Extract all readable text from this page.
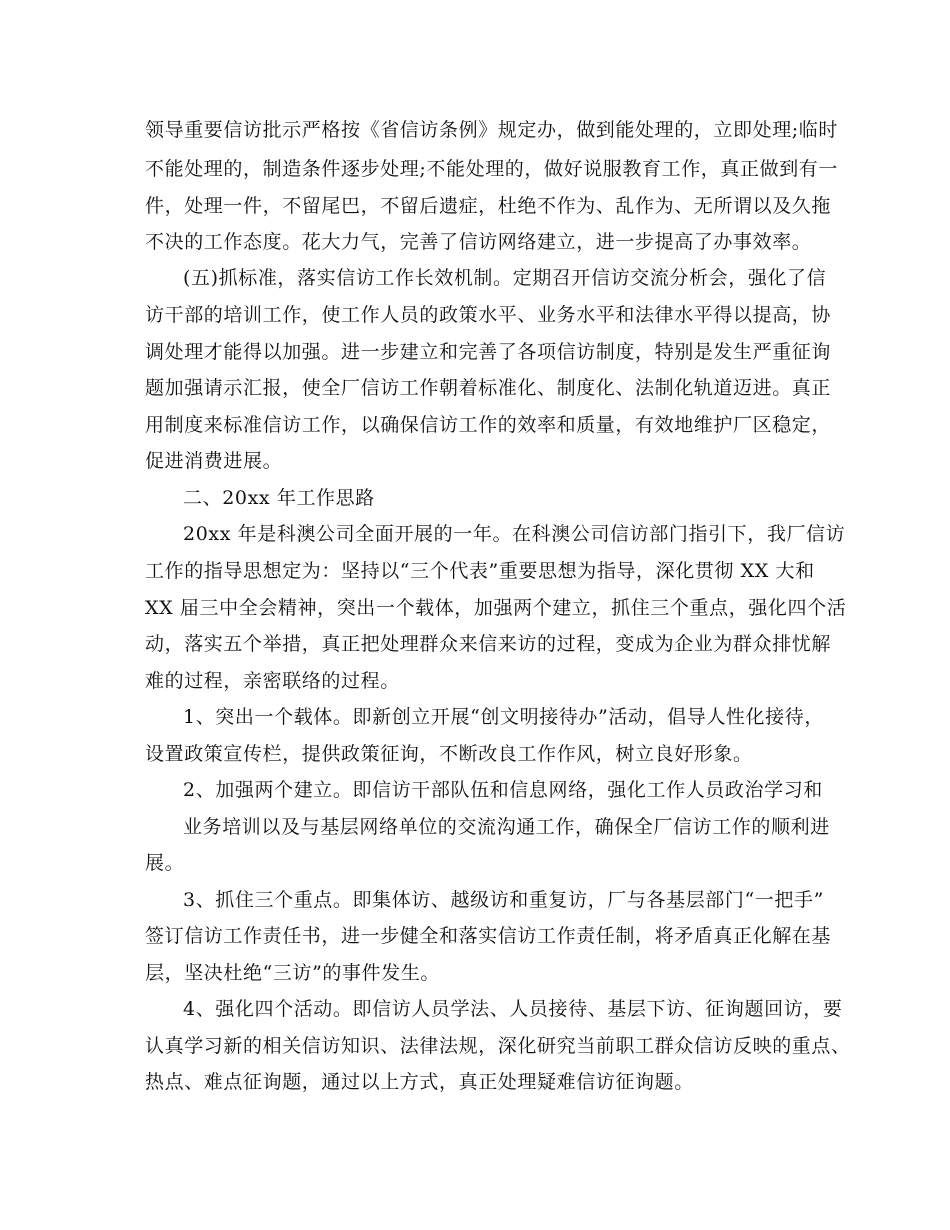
领导重要信访批示严格按《省信访条例》规定办，做到能处理的，立即处理;临时
不能处理的，制造条件逐步处理;不能处理的，做好说服教育工作，真正做到有一
件，处理一件，不留尾巴，不留后遗症，杜绝不作为、乱作为、无所谓以及久拖
不决的工作态度。花大力气，完善了信访网络建立，进一步提高了办事效率。
(五)抓标准，落实信访工作长效机制。定期召开信访交流分析会，强化了信
访干部的培训工作，使工作人员的政策水平、业务水平和法律水平得以提高，协
调处理才能得以加强。进一步建立和完善了各项信访制度，特别是发生严重征询
题加强请示汇报，使全厂信访工作朝着标准化、制度化、法制化轨道迈进。真正
用制度来标准信访工作，以确保信访工作的效率和质量，有效地维护厂区稳定，
促进消费进展。
二、20xx 年工作思路
20xx 年是科澳公司全面开展的一年。在科澳公司信访部门指引下，我厂信访
工作的指导思想定为：坚持以“三个代表”重要思想为指导，深化贯彻 XX 大和
XX 届三中全会精神，突出一个载体，加强两个建立，抓住三个重点，强化四个活
动，落实五个举措，真正把处理群众来信来访的过程，变成为企业为群众排忧解
难的过程，亲密联络的过程。
1、突出一个载体。即新创立开展“创文明接待办”活动，倡导人性化接待，
设置政策宣传栏，提供政策征询，不断改良工作作风，树立良好形象。
2、加强两个建立。即信访干部队伍和信息网络，强化工作人员政治学习和
业务培训以及与基层网络单位的交流沟通工作，确保全厂信访工作的顺利进
展。
3、抓住三个重点。即集体访、越级访和重复访，厂与各基层部门“一把手”
签订信访工作责任书，进一步健全和落实信访工作责任制，将矛盾真正化解在基
层，坚决杜绝“三访”的事件发生。
4、强化四个活动。即信访人员学法、人员接待、基层下访、征询题回访，要
认真学习新的相关信访知识、法律法规，深化研究当前职工群众信访反映的重点、
热点、难点征询题，通过以上方式，真正处理疑难信访征询题。
